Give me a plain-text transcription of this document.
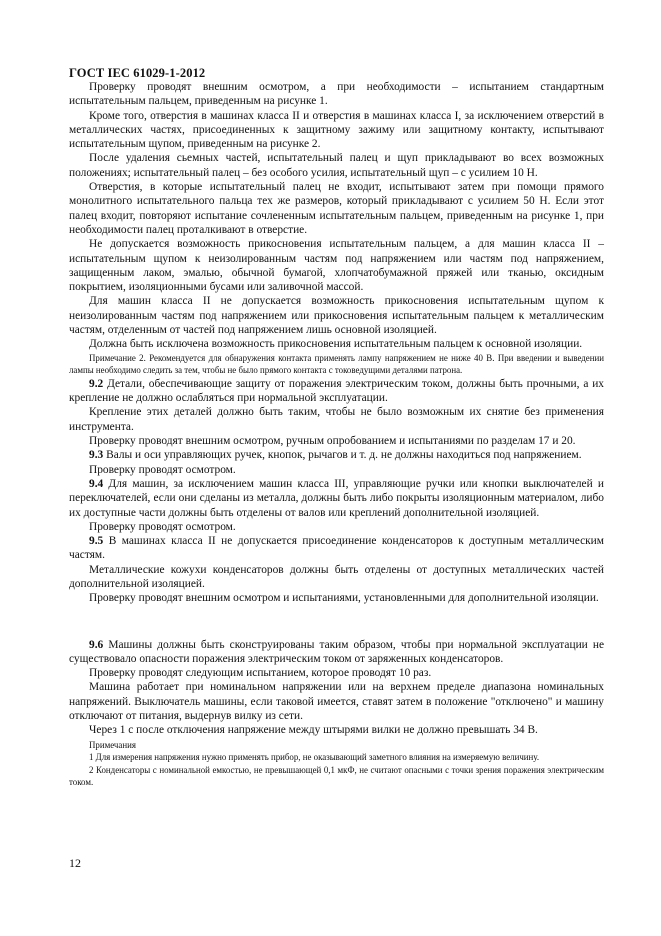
ГОСТ IEC 61029-1-2012

Проверку проводят внешним осмотром, а при необходимости – испытанием стандартным испытательным пальцем, приведенным на рисунке 1.

Кроме того, отверстия в машинах класса II и отверстия в машинах класса I, за исключением отверстий в металлических частях, присоединенных к защитному зажиму или защитному контакту, испытывают испытательным щупом, приведенным на рисунке 2.

После удаления сьемных частей, испытательный палец и щуп прикладывают во всех возможных положениях; испытательный палец – без особого усилия, испытательный щуп – с усилием 10 Н.

Отверстия, в которые испытательный палец не входит, испытывают затем при помощи прямого монолитного испытательного пальца тех же размеров, который прикладывают с усилием 50 Н. Если этот палец входит, повторяют испытание сочлененным испытательным пальцем, приведенным на рисунке 1, при необходимости палец проталкивают в отверстие.

Не допускается возможность прикосновения испытательным пальцем, а для машин класса II – испытательным щупом к неизолированным частям под напряжением или частям под напряжением, защищенным лаком, эмалью, обычной бумагой, хлопчатобумажной пряжей или тканью, оксидным покрытием, изоляционными бусами или заливочной массой.

Для машин класса II не допускается возможность прикосновения испытательным щупом к неизолированным частям под напряжением или прикосновения испытательным пальцем к металлическим частям, отделенным от частей под напряжением лишь основной изоляцией.

Должна быть исключена возможность прикосновения испытательным пальцем к основной изоляции.

Примечание 2. Рекомендуется для обнаружения контакта применять лампу напряжением не ниже 40 В. При введении и выведении лампы необходимо следить за тем, чтобы не было прямого контакта с токоведущими деталями патрона.

9.2 Детали, обеспечивающие защиту от поражения электрическим током, должны быть прочными, а их крепление не должно ослабляться при нормальной эксплуатации.

Крепление этих деталей должно быть таким, чтобы не было возможным их снятие без применения инструмента.

Проверку проводят внешним осмотром, ручным опробованием и испытаниями по разделам 17 и 20.

9.3 Валы и оси управляющих ручек, кнопок, рычагов и т. д. не должны находиться под напряжением.

Проверку проводят осмотром.

9.4 Для машин, за исключением машин класса III, управляющие ручки или кнопки выключателей и переключателей, если они сделаны из металла, должны быть либо покрыты изоляционным материалом, либо их доступные части должны быть отделены от валов или креплений дополнительной изоляцией.

Проверку проводят осмотром.

9.5 В машинах класса II не допускается присоединение конденсаторов к доступным металлическим частям.

Металлические кожухи конденсаторов должны быть отделены от доступных металлических частей дополнительной изоляцией.

Проверку проводят внешним осмотром и испытаниями, установленными для дополнительной изоляции.

9.6 Машины должны быть сконструированы таким образом, чтобы при нормальной эксплуатации не существовало опасности поражения электрическим током от заряженных конденсаторов.

Проверку проводят следующим испытанием, которое проводят 10 раз.

Машина работает при номинальном напряжении или на верхнем пределе диапазона номинальных напряжений. Выключатель машины, если таковой имеется, ставят затем в положение "отключено" и машину отключают от питания, выдернув вилку из сети.

Через 1 с после отключения напряжение между штырями вилки не должно превышать 34 В.

Примечания

1 Для измерения напряжения нужно применять прибор, не оказывающий заметного влияния на измеряемую величину.

2 Конденсаторы с номинальной емкостью, не превышающей 0,1 мкФ, не считают опасными с точки зрения поражения электрическим током.

12
